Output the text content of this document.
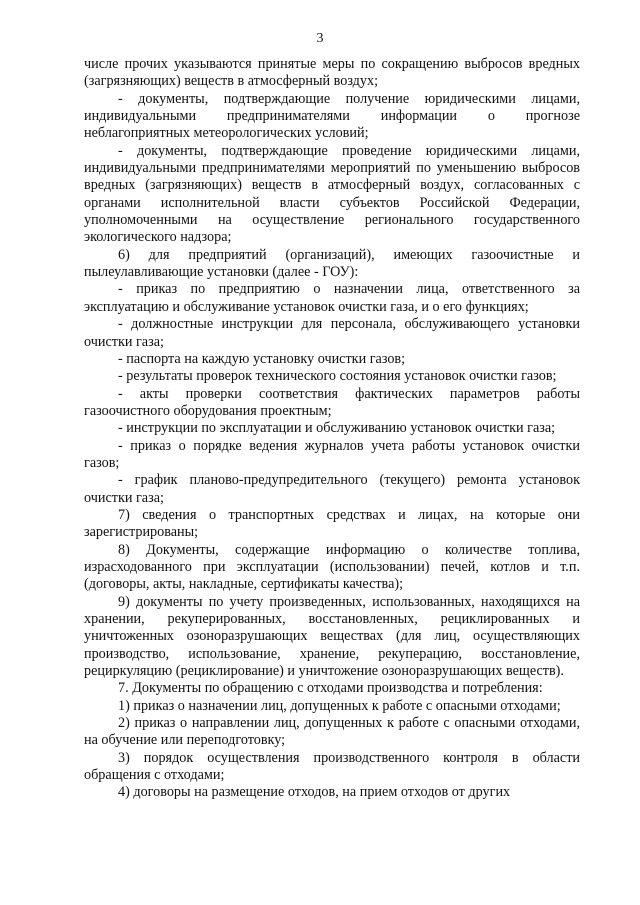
3

числе прочих указываются принятые меры по сокращению выбросов вредных (загрязняющих) веществ в атмосферный воздух;

- документы, подтверждающие получение юридическими лицами, индивидуальными предпринимателями информации о прогнозе неблагоприятных метеорологических условий;

- документы, подтверждающие проведение юридическими лицами, индивидуальными предпринимателями мероприятий по уменьшению выбросов вредных (загрязняющих) веществ в атмосферный воздух, согласованных с органами исполнительной власти субъектов Российской Федерации, уполномоченными на осуществление регионального государственного экологического надзора;

6) для предприятий (организаций), имеющих газоочистные и пылеулавливающие установки (далее - ГОУ):

- приказ по предприятию о назначении лица, ответственного за эксплуатацию и обслуживание установок очистки газа, и о его функциях;

- должностные инструкции для персонала, обслуживающего установки очистки газа;

- паспорта на каждую установку очистки газов;

- результаты проверок технического состояния установок очистки газов;

- акты проверки соответствия фактических параметров работы газоочистного оборудования проектным;

- инструкции по эксплуатации и обслуживанию установок очистки газа;

- приказ о порядке ведения журналов учета работы установок очистки газов;

- график планово-предупредительного (текущего) ремонта установок очистки газа;

7) сведения о транспортных средствах и лицах, на которые они зарегистрированы;

8) Документы, содержащие информацию о количестве топлива, израсходованного при эксплуатации (использовании) печей, котлов и т.п. (договоры, акты, накладные, сертификаты качества);

9) документы по учету произведенных, использованных, находящихся на хранении, рекуперированных, восстановленных, рециклированных и уничтоженных озоноразрушающих веществах (для лиц, осуществляющих производство, использование, хранение, рекуперацию, восстановление, рециркуляцию (рециклирование) и уничтожение озоноразрушающих веществ).

7. Документы по обращению с отходами производства и потребления:

1) приказ о назначении лиц, допущенных к работе с опасными отходами;

2) приказ о направлении лиц, допущенных к работе с опасными отходами, на обучение или переподготовку;

3) порядок осуществления производственного контроля в области обращения с отходами;

4) договоры на размещение отходов, на прием отходов от других
